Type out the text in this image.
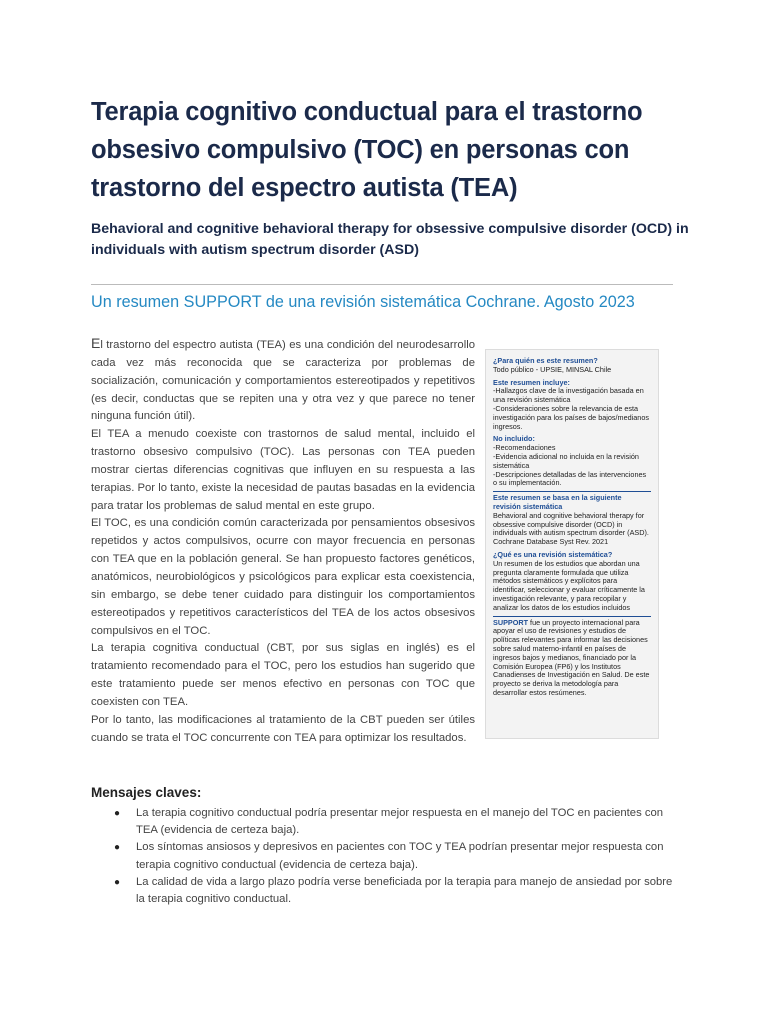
Terapia cognitivo conductual para el trastorno obsesivo compulsivo (TOC) en personas con trastorno del espectro autista (TEA)
Behavioral and cognitive behavioral therapy for obsessive compulsive disorder (OCD) in individuals with autism spectrum disorder (ASD)
Un resumen SUPPORT de una revisión sistemática Cochrane. Agosto 2023

El trastorno del espectro autista (TEA) es una condición del neurodesarrollo cada vez más reconocida que se caracteriza por problemas de socialización, comunicación y comportamientos estereotipados y repetitivos (es decir, conductas que se repiten una y otra vez y que parece no tener ninguna función útil).

El TEA a menudo coexiste con trastornos de salud mental, incluido el trastorno obsesivo compulsivo (TOC). Las personas con TEA pueden mostrar ciertas diferencias cognitivas que influyen en su respuesta a las terapias. Por lo tanto, existe la necesidad de pautas basadas en la evidencia para tratar los problemas de salud mental en este grupo.

El TOC, es una condición común caracterizada por pensamientos obsesivos repetidos y actos compulsivos, ocurre con mayor frecuencia en personas con TEA que en la población general. Se han propuesto factores genéticos, anatómicos, neurobiológicos y psicológicos para explicar esta coexistencia, sin embargo, se debe tener cuidado para distinguir los comportamientos estereotipados y repetitivos característicos del TEA de los actos obsesivos compulsivos en el TOC.

La terapia cognitiva conductual (CBT, por sus siglas en inglés) es el tratamiento recomendado para el TOC, pero los estudios han sugerido que este tratamiento puede ser menos efectivo en personas con TOC que coexisten con TEA.

Por lo tanto, las modificaciones al tratamiento de la CBT pueden ser útiles cuando se trata el TOC concurrente con TEA para optimizar los resultados.

¿Para quién es este resumen?
Todo público - UPSIE, MINSAL Chile
Este resumen incluye:
-Hallazgos clave de la investigación basada en una revisión sistemática
-Consideraciones sobre la relevancia de esta investigación para los países de bajos/medianos ingresos.
No incluido:
-Recomendaciones
-Evidencia adicional no incluida en la revisión sistemática
-Descripciones detalladas de las intervenciones o su implementación.
Este resumen se basa en la siguiente revisión sistemática
Behavioral and cognitive behavioral therapy for obsessive compulsive disorder (OCD) in individuals with autism spectrum disorder (ASD). Cochrane Database Syst Rev. 2021
¿Qué es una revisión sistemática?
Un resumen de los estudios que abordan una pregunta claramente formulada que utiliza métodos sistemáticos y explícitos para identificar, seleccionar y evaluar críticamente la investigación relevante, y para recopilar y analizar los datos de los estudios incluidos
SUPPORT fue un proyecto internacional para apoyar el uso de revisiones y estudios de políticas relevantes para informar las decisiones sobre salud materno-infantil en países de ingresos bajos y medianos, financiado por la Comisión Europea (FP6) y los Institutos Canadienses de Investigación en Salud. De este proyecto se deriva la metodología para desarrollar estos resúmenes.
Mensajes claves:
● La terapia cognitivo conductual podría presentar mejor respuesta en el manejo del TOC en pacientes con TEA (evidencia de certeza baja).
● Los síntomas ansiosos y depresivos en pacientes con TOC y TEA podrían presentar mejor respuesta con terapia cognitivo conductual (evidencia de certeza baja).
● La calidad de vida a largo plazo podría verse beneficiada por la terapia para manejo de ansiedad por sobre la terapia cognitivo conductual.
